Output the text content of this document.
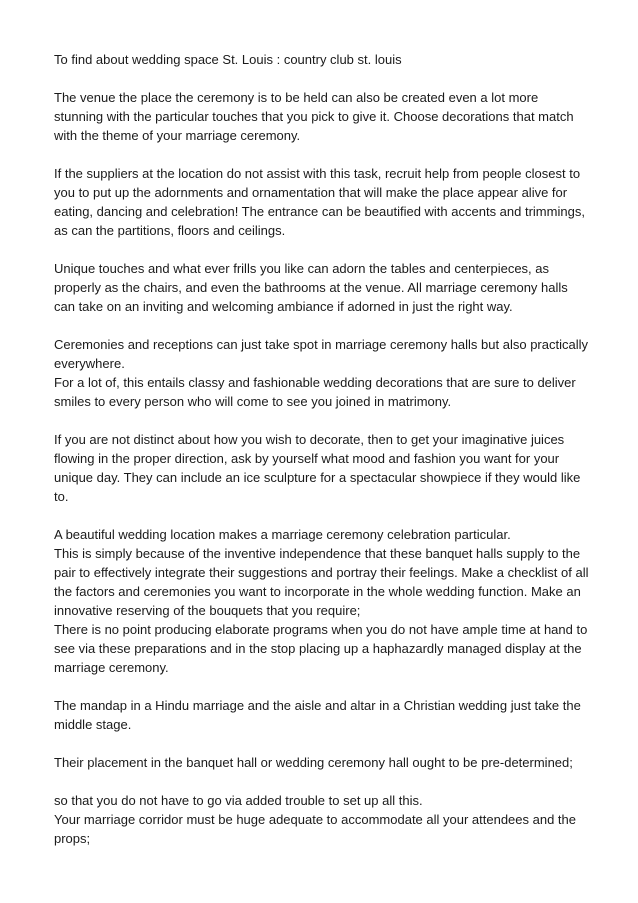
To find about wedding space St. Louis : country club st. louis
The venue the place the ceremony is to be held can also be created even a lot more
stunning with the particular touches that you pick to give it. Choose decorations that match
with the theme of your marriage ceremony.
If the suppliers at the location do not assist with this task, recruit help from people closest to
you to put up the adornments and ornamentation that will make the place appear alive for
eating, dancing and celebration! The entrance can be beautified with accents and trimmings,
as can the partitions, floors and ceilings.
Unique touches and what ever frills you like can adorn the tables and centerpieces, as
properly as the chairs, and even the bathrooms at the venue. All marriage ceremony halls
can take on an inviting and welcoming ambiance if adorned in just the right way.
Ceremonies and receptions can just take spot in marriage ceremony halls but also practically
everywhere.
For a lot of, this entails classy and fashionable wedding decorations that are sure to deliver
smiles to every person who will come to see you joined in matrimony.
If you are not distinct about how you wish to decorate, then to get your imaginative juices
flowing in the proper direction, ask by yourself what mood and fashion you want for your
unique day. They can include an ice sculpture for a spectacular showpiece if they would like
to.
A beautiful wedding location makes a marriage ceremony celebration particular.
This is simply because of the inventive independence that these banquet halls supply to the
pair to effectively integrate their suggestions and portray their feelings. Make a checklist of all
the factors and ceremonies you want to incorporate in the whole wedding function. Make an
innovative reserving of the bouquets that you require;
There is no point producing elaborate programs when you do not have ample time at hand to
see via these preparations and in the stop placing up a haphazardly managed display at the
marriage ceremony.
The mandap in a Hindu marriage and the aisle and altar in a Christian wedding just take the
middle stage.
Their placement in the banquet hall or wedding ceremony hall ought to be pre-determined;
so that you do not have to go via added trouble to set up all this.
Your marriage corridor must be huge adequate to accommodate all your attendees and the
props;
